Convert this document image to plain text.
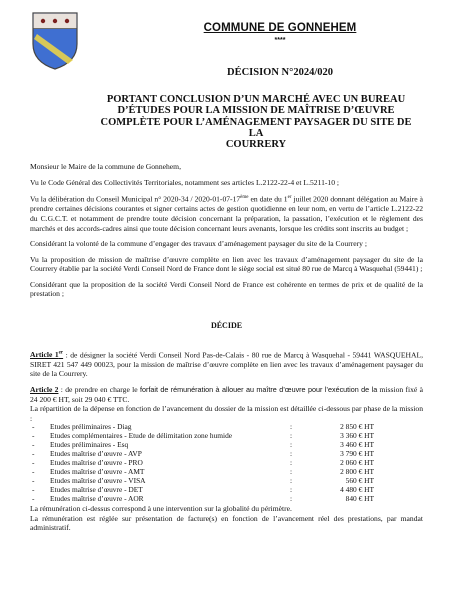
COMMUNE DE GONNEHEM
****
DÉCISION N°2024/020
PORTANT CONCLUSION D’UN MARCHÉ AVEC UN BUREAU
D’ÉTUDES POUR LA MISSION DE MAÎTRISE D’ŒUVRE
COMPLÈTE POUR L’AMÉNAGEMENT PAYSAGER DU SITE DE LA
COURRERY

Monsieur le Maire de la commune de Gonnehem,

Vu le Code Général des Collectivités Territoriales, notamment ses articles L.2122-22-4 et L.5211-10 ;

Vu la délibération du Conseil Municipal n° 2020-34 / 2020-01-07-17ème en date du 1er juillet 2020 donnant délégation au Maire à prendre certaines décisions courantes et signer certains actes de gestion quotidienne en leur nom, en vertu de l’article L.2122-22 du C.G.C.T. et notamment de prendre toute décision concernant la préparation, la passation, l’exécution et le règlement des marchés et des accords-cadres ainsi que toute décision concernant leurs avenants, lorsque les crédits sont inscrits au budget ;

Considérant la volonté de la commune d’engager des travaux d’aménagement paysager du site de la Courrery ;

Vu la proposition de mission de maîtrise d’œuvre complète en lien avec les travaux d’aménagement paysager du site de la Courrery établie par la société Verdi Conseil Nord de France dont le siège social est situé 80 rue de Marcq à Wasquehal (59441) ;

Considérant que la proposition de la société Verdi Conseil Nord de France est cohérente en termes de prix et de qualité de la prestation ;

DÉCIDE

Article 1er : de désigner la société Verdi Conseil Nord Pas-de-Calais - 80 rue de Marcq à Wasquehal - 59441 WASQUEHAL, SIRET 421 547 449 00023, pour la mission de maîtrise d’œuvre complète en lien avec les travaux d’aménagement paysager du site de la Courrery.

Article 2 : de prendre en charge le forfait de rémunération à allouer au maître d’œuvre pour l’exécution de la mission fixé à 24 200 € HT, soit 29 040 € TTC.

La répartition de la dépense en fonction de l’avancement du dossier de la mission est détaillée ci-dessous par phase de la mission :

-	Etudes préliminaires - Diag	:	2 850 € HT
-	Etudes complémentaires - Etude de délimitation zone humide	:	3 360 € HT
-	Etudes préliminaires - Esq	:	3 460 € HT
-	Etudes maîtrise d’œuvre - AVP	:	3 790 € HT
-	Etudes maîtrise d’œuvre - PRO	:	2 060 € HT
-	Etudes maîtrise d’œuvre - AMT	:	2 800 € HT
-	Etudes maîtrise d’œuvre - VISA	:	560 € HT
-	Etudes maîtrise d’œuvre - DET	:	4 480 € HT
-	Etudes maîtrise d’œuvre - AOR	:	840 € HT

La rémunération ci-dessus correspond à une intervention sur la globalité du périmètre.

La rémunération est réglée sur présentation de facture(s) en fonction de l’avancement réel des prestations, par mandat administratif.
